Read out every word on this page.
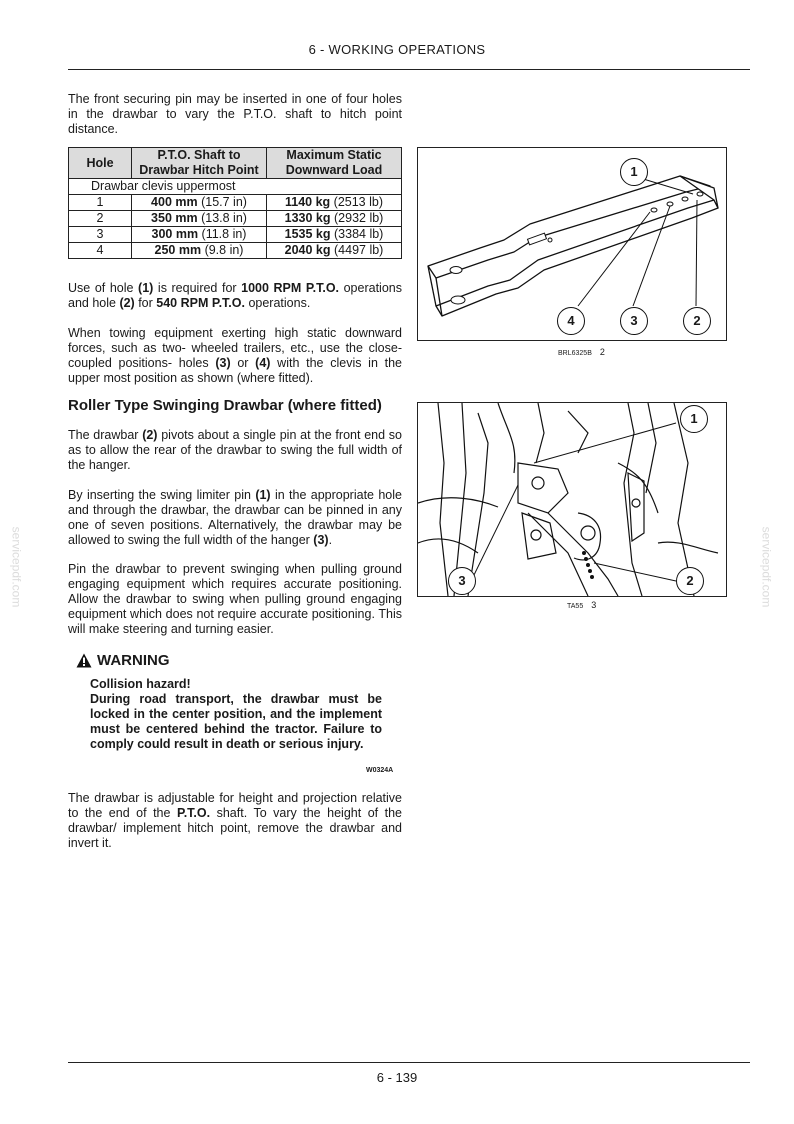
6 - WORKING OPERATIONS
The front securing pin may be inserted in one of four holes in the drawbar to vary the P.T.O. shaft to hitch point distance.
Hole	P.T.O. Shaft to Drawbar Hitch Point	Maximum Static Downward Load
Drawbar clevis uppermost		
1	400 mm (15.7 in)	1140 kg (2513 lb)
2	350 mm (13.8 in)	1330 kg (2932 lb)
3	300 mm (11.8 in)	1535 kg (3384 lb)
4	250 mm (9.8 in)	2040 kg (4497 lb)
Use of hole (1) is required for 1000 RPM P.T.O. operations and hole (2) for 540 RPM P.T.O. operations.
When towing equipment exerting high static downward forces, such as two- wheeled trailers, etc., use the close-coupled positions- holes (3) or (4) with the clevis in the upper most position as shown (where fitted).
Roller Type Swinging Drawbar (where fitted)
The drawbar (2) pivots about a single pin at the front end so as to allow the rear of the drawbar to swing the full width of the hanger.
By inserting the swing limiter pin (1) in the appropriate hole and through the drawbar, the drawbar can be pinned in any one of seven positions. Alternatively, the drawbar may be allowed to swing the full width of the hanger (3).
Pin the drawbar to prevent swinging when pulling ground engaging equipment which requires accurate positioning. Allow the drawbar to swing when pulling ground engaging equipment which does not require accurate positioning. This will make steering and turning easier.
WARNING
Collision hazard!
During road transport, the drawbar must be locked in the center position, and the implement must be centered behind the tractor. Failure to comply could result in death or serious injury.
W0324A
The drawbar is adjustable for height and projection relative to the end of the P.T.O. shaft. To vary the height of the drawbar/ implement hitch point, remove the drawbar and invert it.
1
4	3	2
BRL6325B 2
1
3	2
TA55 3
servicepdf.com	servicepdf.com
6 - 139
